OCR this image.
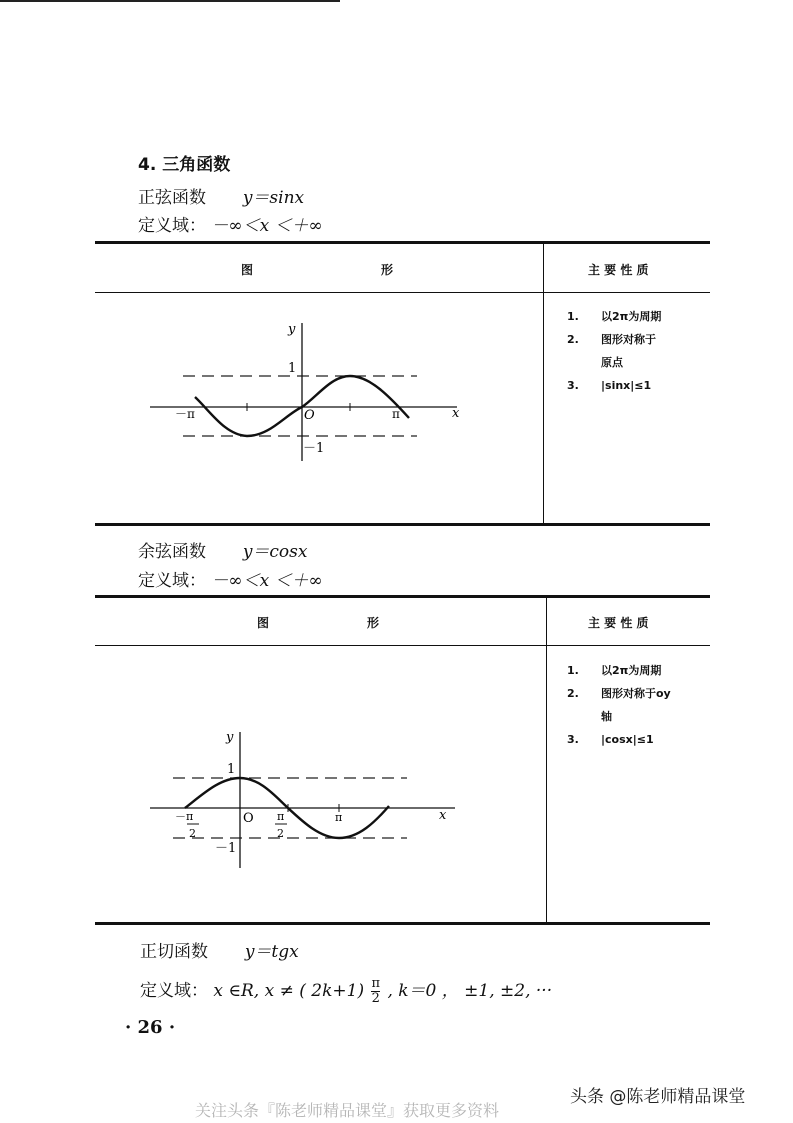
4. 三角函数
正弦函数 y＝sinx
定义域： －∞＜x ＜＋∞
图	形	主 要 性 质
y
x
1
－1
O
－π	π
1. 以2π为周期
2. 图形对称于
原点
3. |sinx|≤1
余弦函数 y＝cosx
定义域： －∞＜x ＜＋∞
图	形	主 要 性 质
y
x
1
－1
O
－π
2
π
2
π
1. 以2π为周期
2. 图形对称于oy
轴
3. |cosx|≤1
正切函数 y＝tgx
定义域： x ∈R, x ≠ ( $2k+1) \frac{\pi}{2}$ , k＝0 ， ±1, ±2, ···
· 26 ·
头条 @陈老师精品课堂
关注头条『陈老师精品课堂』获取更多资料
